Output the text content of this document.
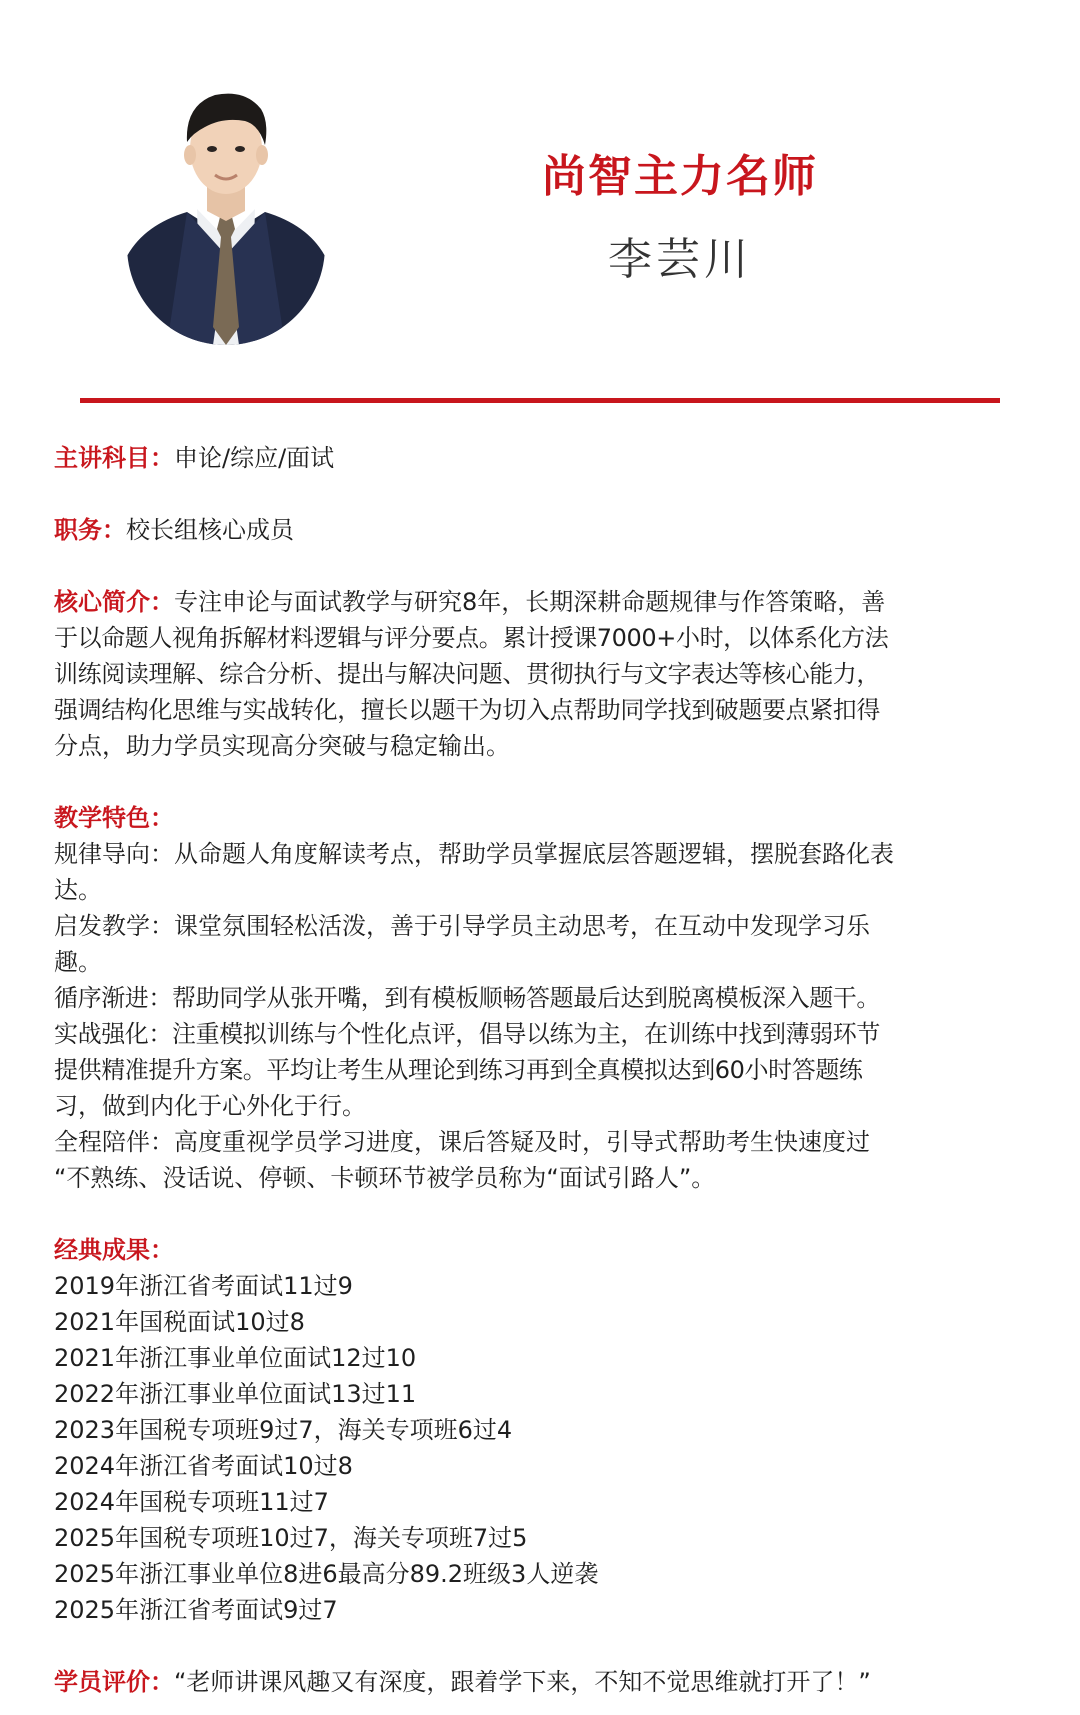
尚智主力名师
李芸川
主讲科目：申论/综应/面试
职务：校长组核心成员
核心简介：专注申论与面试教学与研究8年，长期深耕命题规律与作答策略，善
于以命题人视角拆解材料逻辑与评分要点。累计授课7000+小时，以体系化方法
训练阅读理解、综合分析、提出与解决问题、贯彻执行与文字表达等核心能力，
强调结构化思维与实战转化，擅长以题干为切入点帮助同学找到破题要点紧扣得
分点，助力学员实现高分突破与稳定输出。
教学特色：
规律导向：从命题人角度解读考点，帮助学员掌握底层答题逻辑，摆脱套路化表
达。
启发教学：课堂氛围轻松活泼，善于引导学员主动思考，在互动中发现学习乐
趣。
循序渐进：帮助同学从张开嘴，到有模板顺畅答题最后达到脱离模板深入题干。
实战强化：注重模拟训练与个性化点评，倡导以练为主，在训练中找到薄弱环节
提供精准提升方案。平均让考生从理论到练习再到全真模拟达到60小时答题练
习，做到内化于心外化于行。
全程陪伴：高度重视学员学习进度，课后答疑及时，引导式帮助考生快速度过
“不熟练、没话说、停顿、卡顿环节被学员称为“面试引路人”。
经典成果：
2019年浙江省考面试11过9
2021年国税面试10过8
2021年浙江事业单位面试12过10
2022年浙江事业单位面试13过11
2023年国税专项班9过7，海关专项班6过4
2024年浙江省考面试10过8
2024年国税专项班11过7
2025年国税专项班10过7，海关专项班7过5
2025年浙江事业单位8进6最高分89.2班级3人逆袭
2025年浙江省考面试9过7
学员评价：“老师讲课风趣又有深度，跟着学下来，不知不觉思维就打开了！”
